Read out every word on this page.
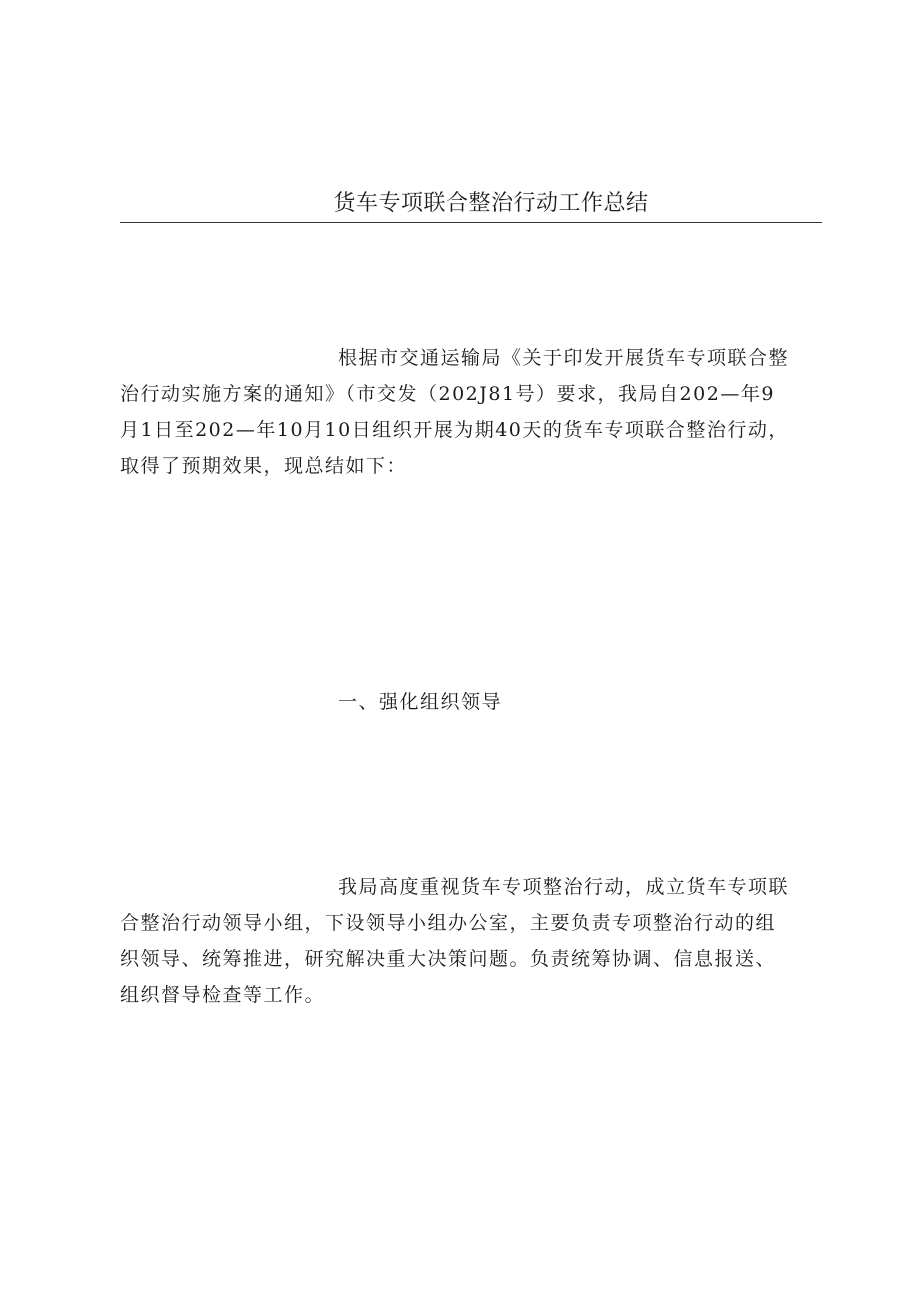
货车专项联合整治行动工作总结
根据市交通运输局《关于印发开展货车专项联合整
治行动实施方案的通知》（市交发（202J81号）要求，我局自202—年9
月1日至202—年10月10日组织开展为期40天的货车专项联合整治行动，
取得了预期效果，现总结如下：
一、强化组织领导
我局高度重视货车专项整治行动，成立货车专项联
合整治行动领导小组，下设领导小组办公室，主要负责专项整治行动的组
织领导、统筹推进，研究解决重大决策问题。负责统筹协调、信息报送、
组织督导检查等工作。
